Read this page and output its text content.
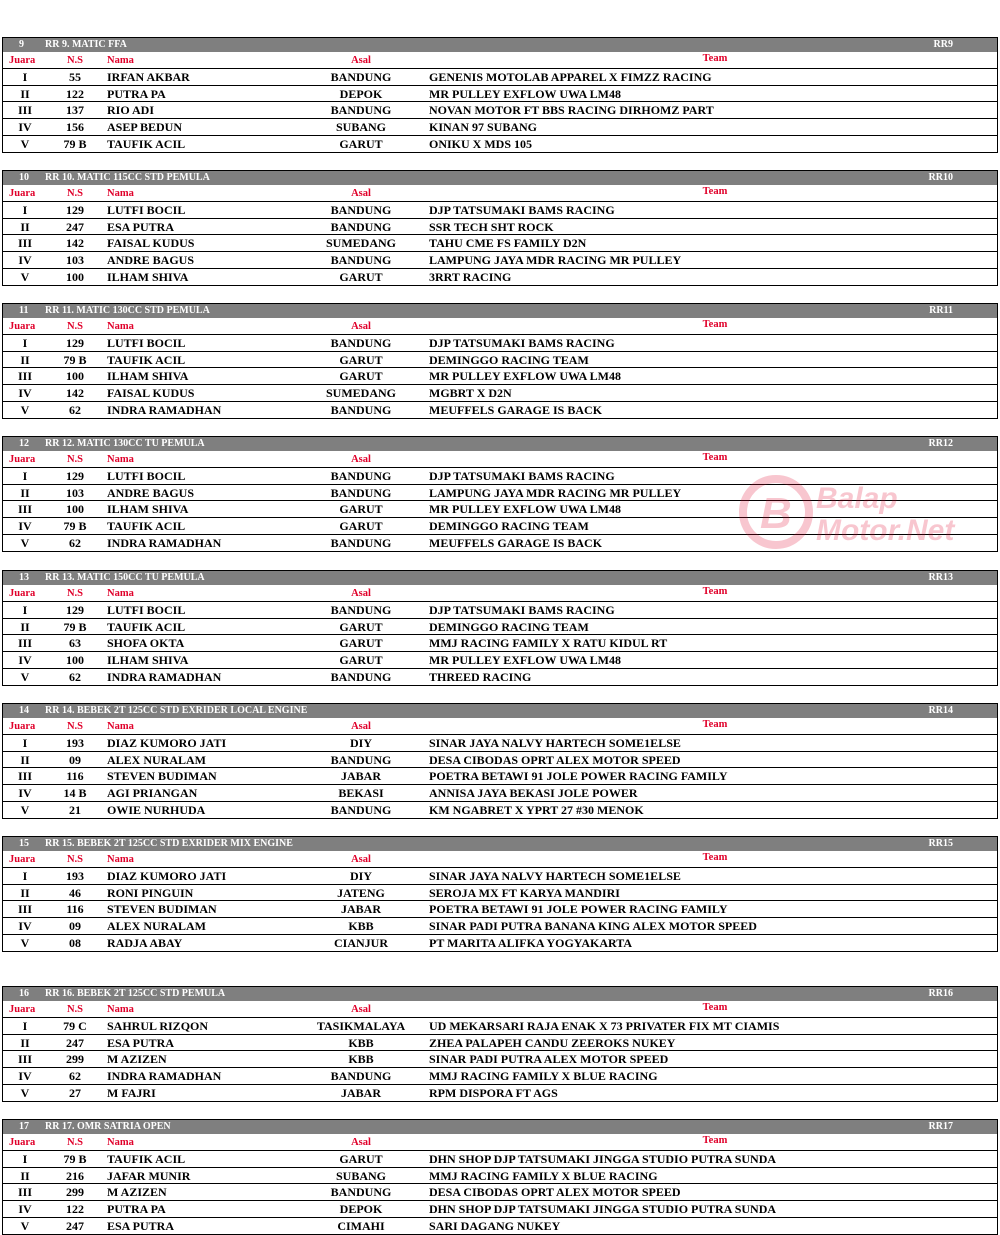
9 RR 9. MATIC FFA	RR9
Juara	N.S	Nama	Asal	Team
I	55	IRFAN AKBAR	BANDUNG	GENENIS MOTOLAB APPAREL X FIMZZ RACING
II	122	PUTRA PA	DEPOK	MR PULLEY EXFLOW UWA LM48
III	137	RIO ADI	BANDUNG	NOVAN MOTOR FT BBS RACING DIRHOMZ PART
IV	156	ASEP BEDUN	SUBANG	KINAN 97 SUBANG
V	79 B	TAUFIK ACIL	GARUT	ONIKU X MDS 105
10 RR 10. MATIC 115CC STD PEMULA	RR10
Juara	N.S	Nama	Asal	Team
I	129	LUTFI BOCIL	BANDUNG	DJP TATSUMAKI BAMS RACING
II	247	ESA PUTRA	BANDUNG	SSR TECH SHT ROCK
III	142	FAISAL KUDUS	SUMEDANG	TAHU CME FS FAMILY D2N
IV	103	ANDRE BAGUS	BANDUNG	LAMPUNG JAYA MDR RACING MR PULLEY
V	100	ILHAM SHIVA	GARUT	3RRT RACING
11 RR 11. MATIC 130CC STD PEMULA	RR11
Juara	N.S	Nama	Asal	Team
I	129	LUTFI BOCIL	BANDUNG	DJP TATSUMAKI BAMS RACING
II	79 B	TAUFIK ACIL	GARUT	DEMINGGO RACING TEAM
III	100	ILHAM SHIVA	GARUT	MR PULLEY EXFLOW UWA LM48
IV	142	FAISAL KUDUS	SUMEDANG	MGBRT X D2N
V	62	INDRA RAMADHAN	BANDUNG	MEUFFELS GARAGE IS BACK
12 RR 12. MATIC 130CC TU PEMULA	RR12
Juara	N.S	Nama	Asal	Team
I	129	LUTFI BOCIL	BANDUNG	DJP TATSUMAKI BAMS RACING
II	103	ANDRE BAGUS	BANDUNG	LAMPUNG JAYA MDR RACING MR PULLEY
III	100	ILHAM SHIVA	GARUT	MR PULLEY EXFLOW UWA LM48
IV	79 B	TAUFIK ACIL	GARUT	DEMINGGO RACING TEAM
V	62	INDRA RAMADHAN	BANDUNG	MEUFFELS GARAGE IS BACK
13 RR 13. MATIC 150CC TU PEMULA	RR13
Juara	N.S	Nama	Asal	Team
I	129	LUTFI BOCIL	BANDUNG	DJP TATSUMAKI BAMS RACING
II	79 B	TAUFIK ACIL	GARUT	DEMINGGO RACING TEAM
III	63	SHOFA OKTA	GARUT	MMJ RACING FAMILY X RATU KIDUL RT
IV	100	ILHAM SHIVA	GARUT	MR PULLEY EXFLOW UWA LM48
V	62	INDRA RAMADHAN	BANDUNG	THREED RACING
14 RR 14. BEBEK 2T 125CC STD EXRIDER LOCAL ENGINE	RR14
Juara	N.S	Nama	Asal	Team
I	193	DIAZ KUMORO JATI	DIY	SINAR JAYA NALVY HARTECH SOME1ELSE
II	09	ALEX NURALAM	BANDUNG	DESA CIBODAS OPRT ALEX MOTOR SPEED
III	116	STEVEN BUDIMAN	JABAR	POETRA BETAWI 91 JOLE POWER RACING FAMILY
IV	14 B	AGI PRIANGAN	BEKASI	ANNISA JAYA BEKASI JOLE POWER
V	21	OWIE NURHUDA	BANDUNG	KM NGABRET X YPRT 27 #30 MENOK
15 RR 15. BEBEK 2T 125CC STD EXRIDER MIX ENGINE	RR15
Juara	N.S	Nama	Asal	Team
I	193	DIAZ KUMORO JATI	DIY	SINAR JAYA NALVY HARTECH SOME1ELSE
II	46	RONI PINGUIN	JATENG	SEROJA MX FT KARYA MANDIRI
III	116	STEVEN BUDIMAN	JABAR	POETRA BETAWI 91 JOLE POWER RACING FAMILY
IV	09	ALEX NURALAM	KBB	SINAR PADI PUTRA BANANA KING ALEX MOTOR SPEED
V	08	RADJA ABAY	CIANJUR	PT MARITA ALIFKA YOGYAKARTA
16 RR 16. BEBEK 2T 125CC STD PEMULA	RR16
Juara	N.S	Nama	Asal	Team
I	79 C	SAHRUL RIZQON	TASIKMALAYA	UD MEKARSARI RAJA ENAK X 73 PRIVATER FIX MT CIAMIS
II	247	ESA PUTRA	KBB	ZHEA PALAPEH CANDU ZEEROKS NUKEY
III	299	M AZIZEN	KBB	SINAR PADI PUTRA ALEX MOTOR SPEED
IV	62	INDRA RAMADHAN	BANDUNG	MMJ RACING FAMILY X BLUE RACING
V	27	M FAJRI	JABAR	RPM DISPORA FT AGS
17 RR 17. OMR SATRIA OPEN	RR17
Juara	N.S	Nama	Asal	Team
I	79 B	TAUFIK ACIL	GARUT	DHN SHOP DJP TATSUMAKI JINGGA STUDIO PUTRA SUNDA
II	216	JAFAR MUNIR	SUBANG	MMJ RACING FAMILY X BLUE RACING
III	299	M AZIZEN	BANDUNG	DESA CIBODAS OPRT ALEX MOTOR SPEED
IV	122	PUTRA PA	DEPOK	DHN SHOP DJP TATSUMAKI JINGGA STUDIO PUTRA SUNDA
V	247	ESA PUTRA	CIMAHI	SARI DAGANG NUKEY
B Balap
Motor.Net
